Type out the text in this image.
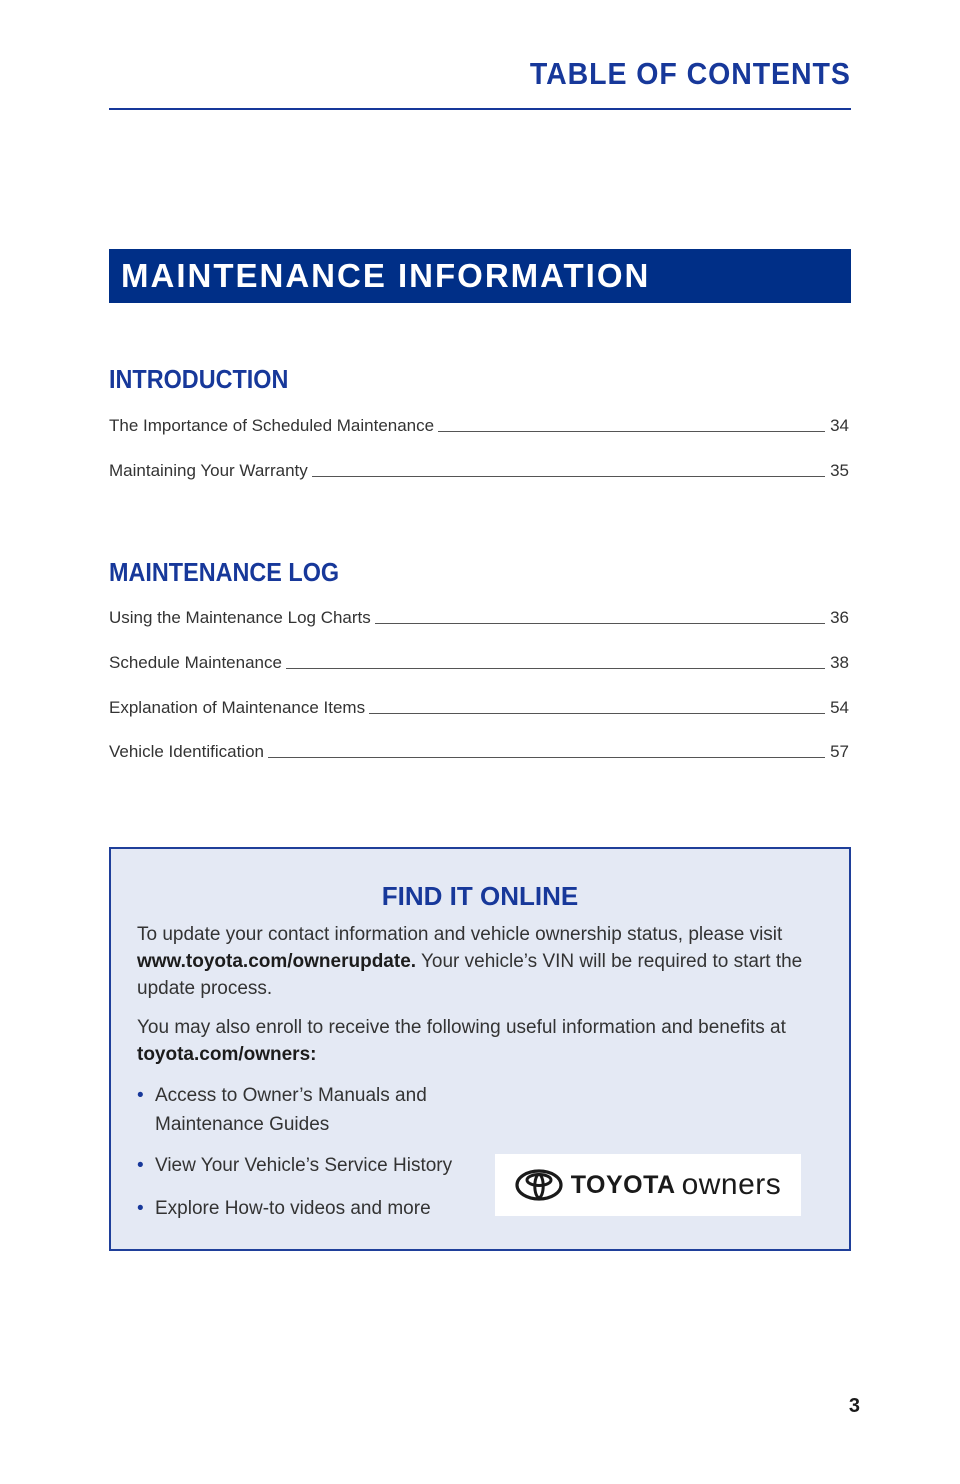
TABLE OF CONTENTS
MAINTENANCE INFORMATION
INTRODUCTION
The Importance of Scheduled Maintenance	34
Maintaining Your Warranty	35
MAINTENANCE LOG
Using the Maintenance Log Charts	36
Schedule Maintenance	38
Explanation of Maintenance Items	54
Vehicle Identification	57
FIND IT ONLINE
To update your contact information and vehicle ownership status, please visit www.toyota.com/ownerupdate. Your vehicle’s VIN will be required to start the update process.
You may also enroll to receive the following useful information and benefits at toyota.com/owners:
• Access to Owner’s Manuals and Maintenance Guides
• View Your Vehicle’s Service History
• Explore How-to videos and more
TOYOTA owners
3
